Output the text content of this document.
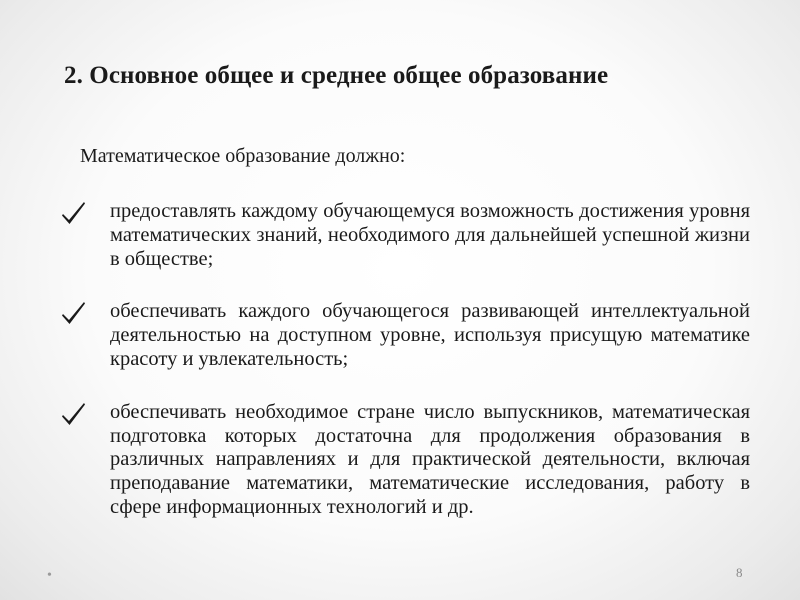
2. Основное общее и среднее общее образование
Математическое образование должно:
предоставлять каждому обучающемуся возможность достижения уровня математических знаний, необходимого для дальнейшей успешной жизни в обществе;
обеспечивать каждого обучающегося развивающей интеллектуальной деятельностью на доступном уровне, используя присущую математике красоту и увлекательность;
обеспечивать необходимое стране число выпускников, математическая подготовка которых достаточна для продолжения образования в различных направлениях и для практической деятельности, включая преподавание математики, математические исследования, работу в сфере информационных технологий и др.
•	8
